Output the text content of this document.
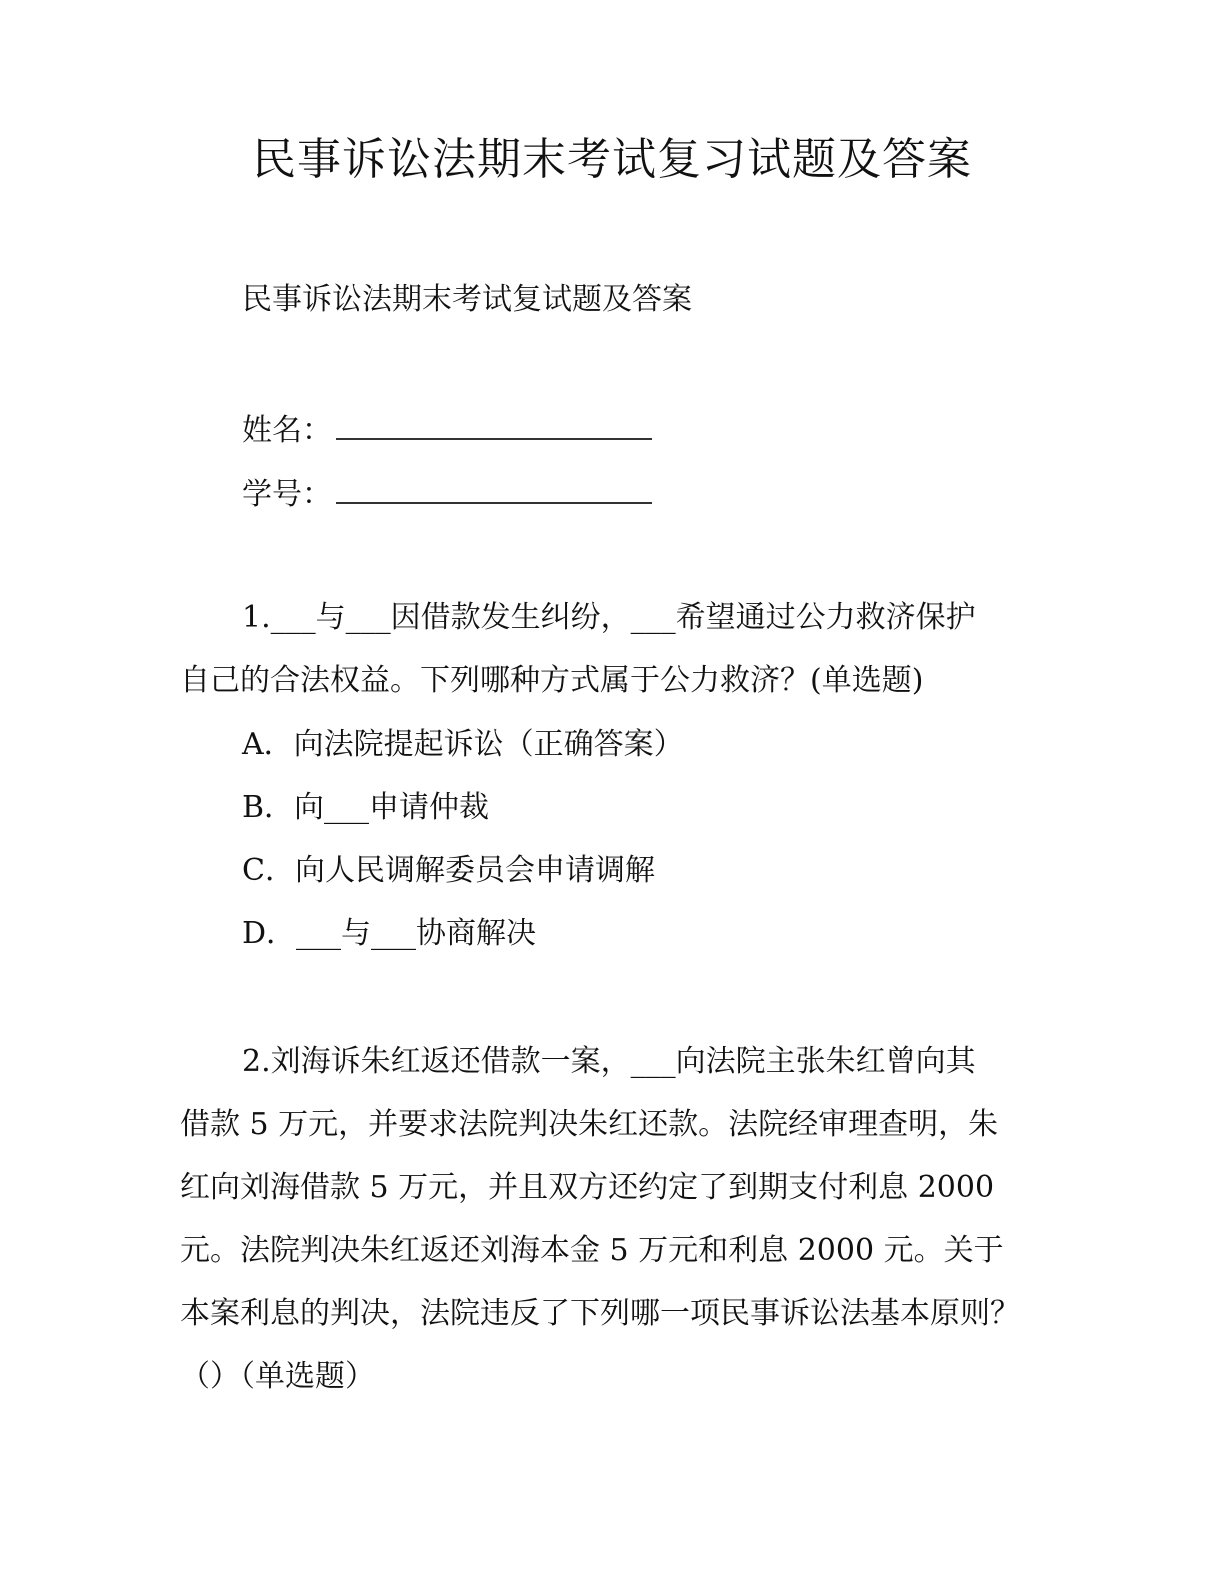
民事诉讼法期末考试复习试题及答案
民事诉讼法期末考试复试题及答案
姓名：
学号：
1.___与___因借款发生纠纷，___希望通过公力救济保护
自己的合法权益。下列哪种方式属于公力救济？(单选题)
A．向法院提起诉讼（正确答案）
B．向___申请仲裁
C．向人民调解委员会申请调解
D．___与___协商解决
2.刘海诉朱红返还借款一案，___向法院主张朱红曾向其
借款 5 万元，并要求法院判决朱红还款。法院经审理查明，朱
红向刘海借款 5 万元，并且双方还约定了到期支付利息 2000
元。法院判决朱红返还刘海本金 5 万元和利息 2000 元。关于
本案利息的判决，法院违反了下列哪一项民事诉讼法基本原则？
（）（单选题）
